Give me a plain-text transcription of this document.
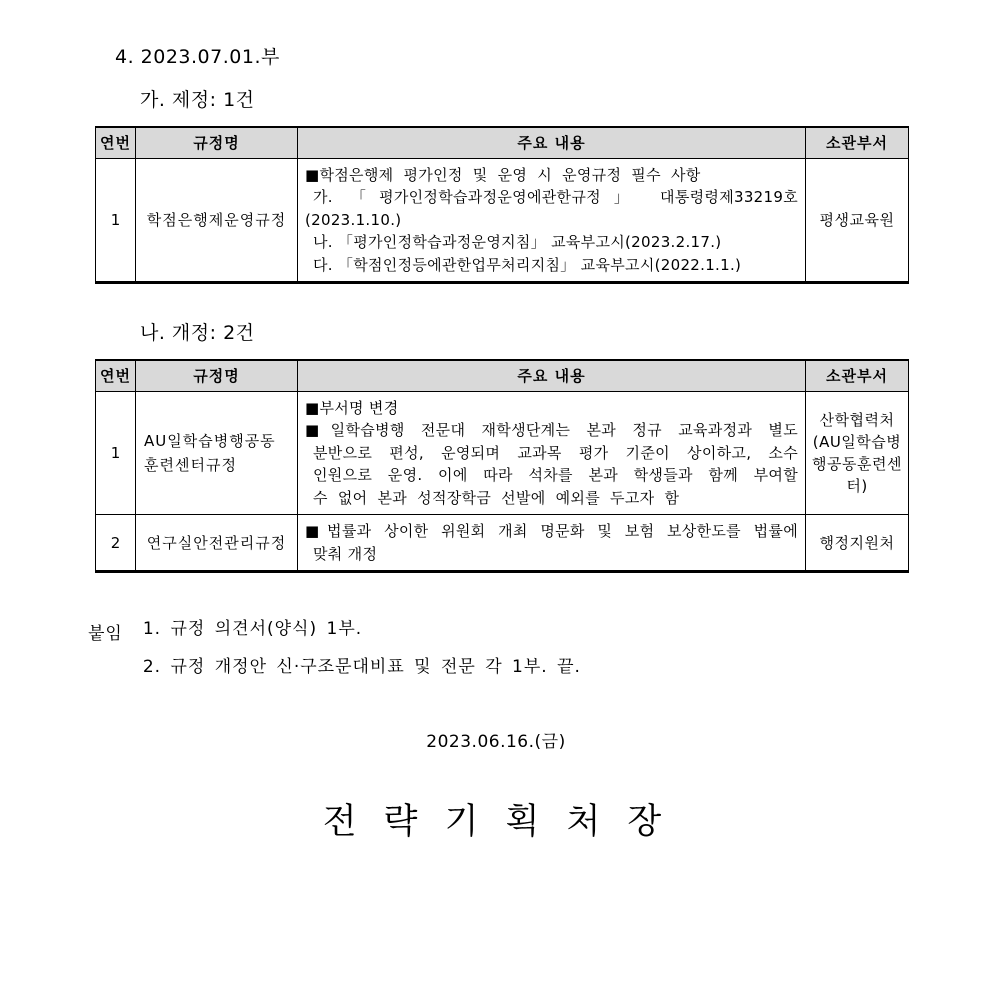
4. 2023.07.01.부
가. 제정: 1건
연번	규정명	주요 내용	소관부서
1	학점은행제운영규정	■학점은행제 평가인정 및 운영 시 운영규정 필수 사항
가. 「평가인정학습과정운영에관한규정」 대통령령제33219호
(2023.1.10.)
나. 「평가인정학습과정운영지침」 교육부고시(2023.2.17.)
다. 「학점인정등에관한업무처리지침」 교육부고시(2022.1.1.)	평생교육원
나. 개정: 2건
연번	규정명	주요 내용	소관부서
1	AU일학습병행공동 훈련센터규정	■부서명 변경
■일학습병행 전문대 재학생단계는 본과 정규 교육과정과 별도
분반으로 편성, 운영되며 교과목 평가 기준이 상이하고, 소수
인원으로 운영. 이에 따라 석차를 본과 학생들과 함께 부여할
수 없어 본과 성적장학금 선발에 예외를 두고자 함	산학협력처 (AU일학습병행공동훈련센터)
2	연구실안전관리규정	■법률과 상이한 위원회 개최 명문화 및 보험 보상한도를 법률에
맞춰 개정	행정지원처
붙임 1. 규정 의견서(양식) 1부.
2. 규정 개정안 신·구조문대비표 및 전문 각 1부. 끝.
2023.06.16.(금)
전 략 기 획 처 장
